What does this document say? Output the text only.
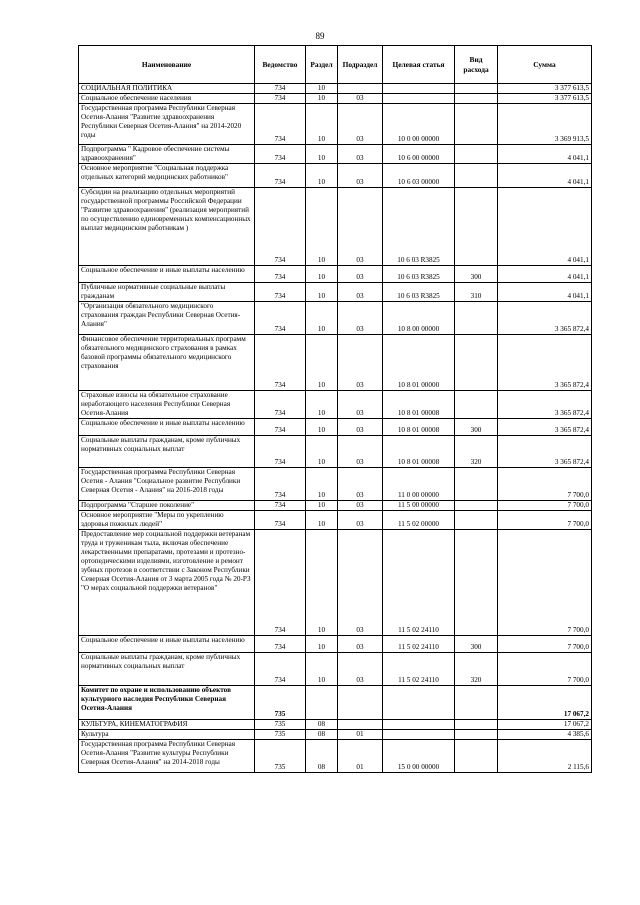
89
Наименование	Ведомство	Раздел	Подраздел	Целевая статья	Вид расхода	Сумма
СОЦИАЛЬНАЯ ПОЛИТИКА	734	10				3 377 613,5
Социальное обеспечение населения	734	10	03			3 377 613,5
Государственная программа Республики Северная Осетия-Алания "Развитие здравоохранения Республики Северная Осетия-Алания" на 2014-2020 годы	734	10	03	10 0 00 00000		3 369 913,5
Подпрограмма " Кадровое обеспечение системы здравоохранения"	734	10	03	10 6 00 00000		4 041,1
Основное мероприятие "Социальная поддержка отдельных категорий медицинских работников"	734	10	03	10 6 03 00000		4 041,1
Субсидии на реализацию отдельных мероприятий государственной программы Российской Федерации "Развитие здравоохранения" (реализация мероприятий по осуществлению единовременных компенсационных выплат медицинским работникам )	734	10	03	10 6 03 R3825		4 041,1
Социальное обеспечение и иные выплаты населению	734	10	03	10 6 03 R3825	300	4 041,1
Публичные нормативные социальные выплаты гражданам	734	10	03	10 6 03 R3825	310	4 041,1
"Организация обязательного медицинского страхования граждан Республики Северная Осетия-Алания"	734	10	03	10 8 00 00000		3 365 872,4
Финансовое обеспечение территориальных программ обязательного медицинского страхования в рамках базовой программы обязательного медицинского страхования	734	10	03	10 8 01 00000		3 365 872,4
Страховые взносы на обязательное страхование неработающего населения Республики Северная Осетия-Алания	734	10	03	10 8 01 00008		3 365 872,4
Социальное обеспечение и иные выплаты населению	734	10	03	10 8 01 00008	300	3 365 872,4
Социальные выплаты гражданам, кроме публичных нормативных социальных выплат	734	10	03	10 8 01 00008	320	3 365 872,4
Государственная программа Республики Северная Осетия - Алания "Социальное развитие Республики Северная Осетия - Алания" на 2016-2018 годы	734	10	03	11 0 00 00000		7 700,0
Подпрограмма "Старшее поколение"	734	10	03	11 5 00 00000		7 700,0
Основное мероприятие "Меры по укреплению здоровья пожилых людей"	734	10	03	11 5 02 00000		7 700,0
Предоставление мер социальной поддержки ветеранам труда и труженикам тыла, включая обеспечение лекарственными препаратами, протезами и протезно-ортопедическими изделиями, изготовление и ремонт зубных протезов в соответствии с Законом Республики Северная Осетия-Алания от 3 марта 2005 года № 20-РЗ "О мерах социальной поддержки ветеранов"	734	10	03	11 5 02 24110		7 700,0
Социальное обеспечение и иные выплаты населению	734	10	03	11 5 02 24110	300	7 700,0
Социальные выплаты гражданам, кроме публичных нормативных социальных выплат	734	10	03	11 5 02 24110	320	7 700,0
Комитет по охране и использованию объектов культурного наследия Республики Северная Осетия-Алания	735					17 067,2
КУЛЬТУРА, КИНЕМАТОГРАФИЯ	735	08				17 067,2
Культура	735	08	01			4 385,6
Государственная программа Республики Северная Осетия-Алания "Развитие культуры Республики Северная Осетия-Алания" на 2014-2018 годы	735	08	01	15 0 00 00000		2 115,6
